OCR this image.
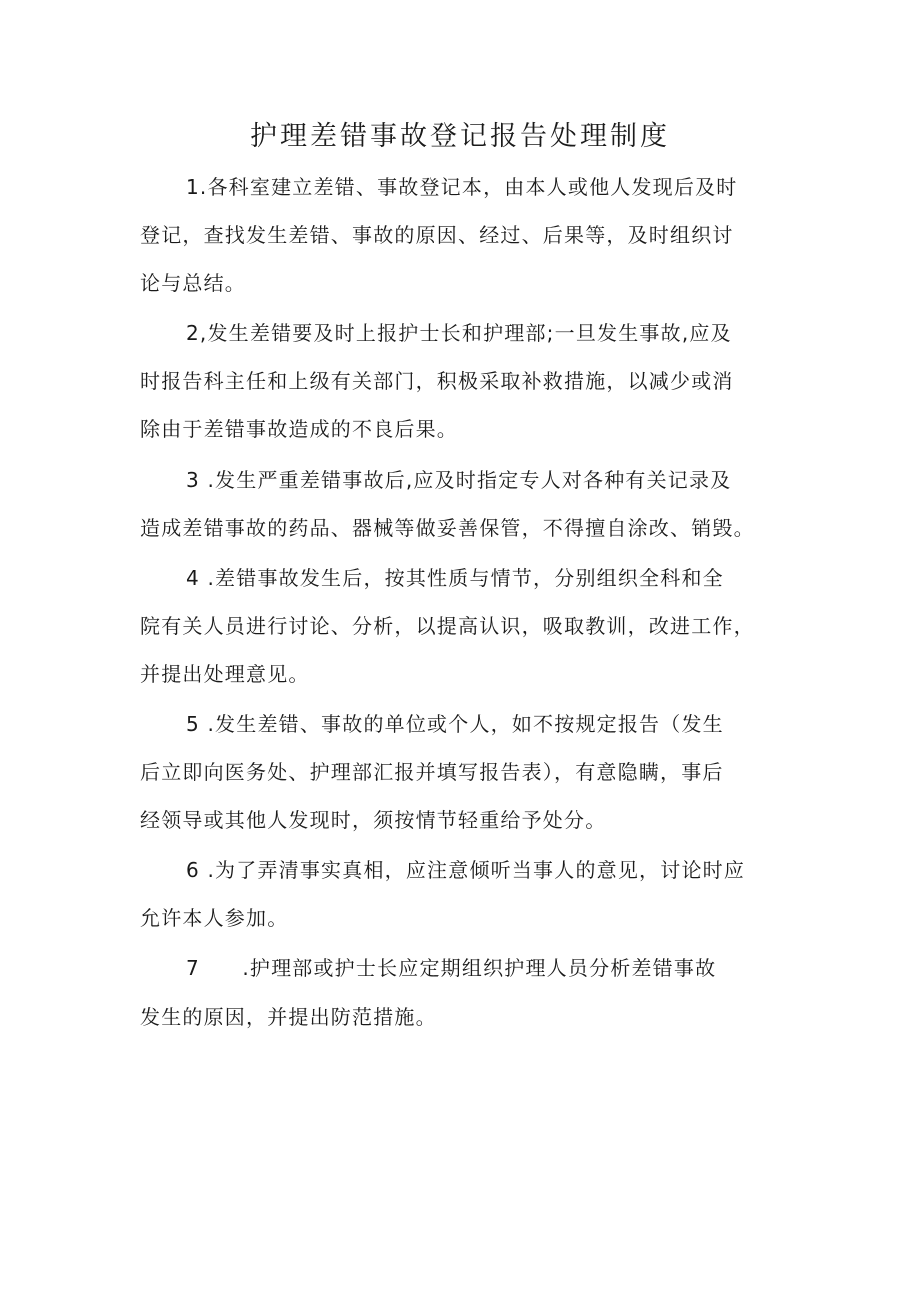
护理差错事故登记报告处理制度
1.各科室建立差错、事故登记本，由本人或他人发现后及时
登记，查找发生差错、事故的原因、经过、后果等，及时组织讨
论与总结。
2,发生差错要及时上报护士长和护理部;一旦发生事故,应及
时报告科主任和上级有关部门，积极采取补救措施，以减少或消
除由于差错事故造成的不良后果。
3 .发生严重差错事故后,应及时指定专人对各种有关记录及
造成差错事故的药品、器械等做妥善保管，不得擅自涂改、销毁。
4 .差错事故发生后，按其性质与情节，分别组织全科和全
院有关人员进行讨论、分析，以提高认识，吸取教训，改进工作，
并提出处理意见。
5 .发生差错、事故的单位或个人，如不按规定报告（发生
后立即向医务处、护理部汇报并填写报告表），有意隐瞒，事后
经领导或其他人发现时，须按情节轻重给予处分。
6 .为了弄清事实真相，应注意倾听当事人的意见，讨论时应
允许本人参加。
7　　.护理部或护士长应定期组织护理人员分析差错事故
发生的原因，并提出防范措施。
